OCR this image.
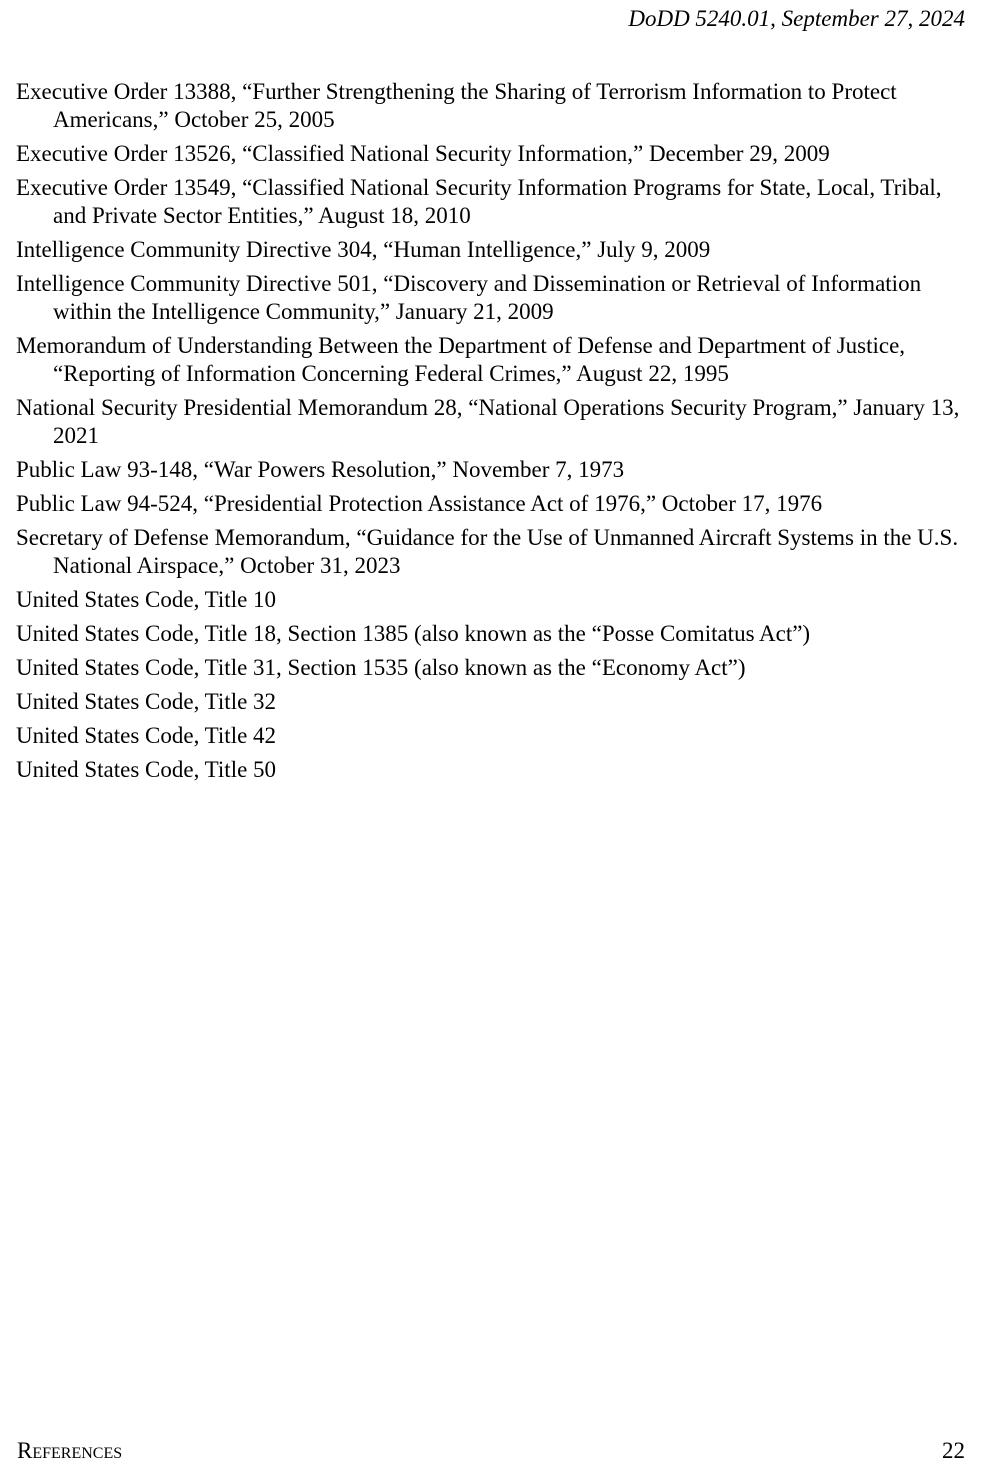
DoDD 5240.01, September 27, 2024
Executive Order 13388, “Further Strengthening the Sharing of Terrorism Information to Protect Americans,” October 25, 2005
Executive Order 13526, “Classified National Security Information,” December 29, 2009
Executive Order 13549, “Classified National Security Information Programs for State, Local, Tribal, and Private Sector Entities,” August 18, 2010
Intelligence Community Directive 304, “Human Intelligence,” July 9, 2009
Intelligence Community Directive 501, “Discovery and Dissemination or Retrieval of Information within the Intelligence Community,” January 21, 2009
Memorandum of Understanding Between the Department of Defense and Department of Justice, “Reporting of Information Concerning Federal Crimes,” August 22, 1995
National Security Presidential Memorandum 28, “National Operations Security Program,” January 13, 2021
Public Law 93-148, “War Powers Resolution,” November 7, 1973
Public Law 94-524, “Presidential Protection Assistance Act of 1976,” October 17, 1976
Secretary of Defense Memorandum, “Guidance for the Use of Unmanned Aircraft Systems in the U.S. National Airspace,” October 31, 2023
United States Code, Title 10
United States Code, Title 18, Section 1385 (also known as the “Posse Comitatus Act”)
United States Code, Title 31, Section 1535 (also known as the “Economy Act”)
United States Code, Title 32
United States Code, Title 42
United States Code, Title 50
References	22
